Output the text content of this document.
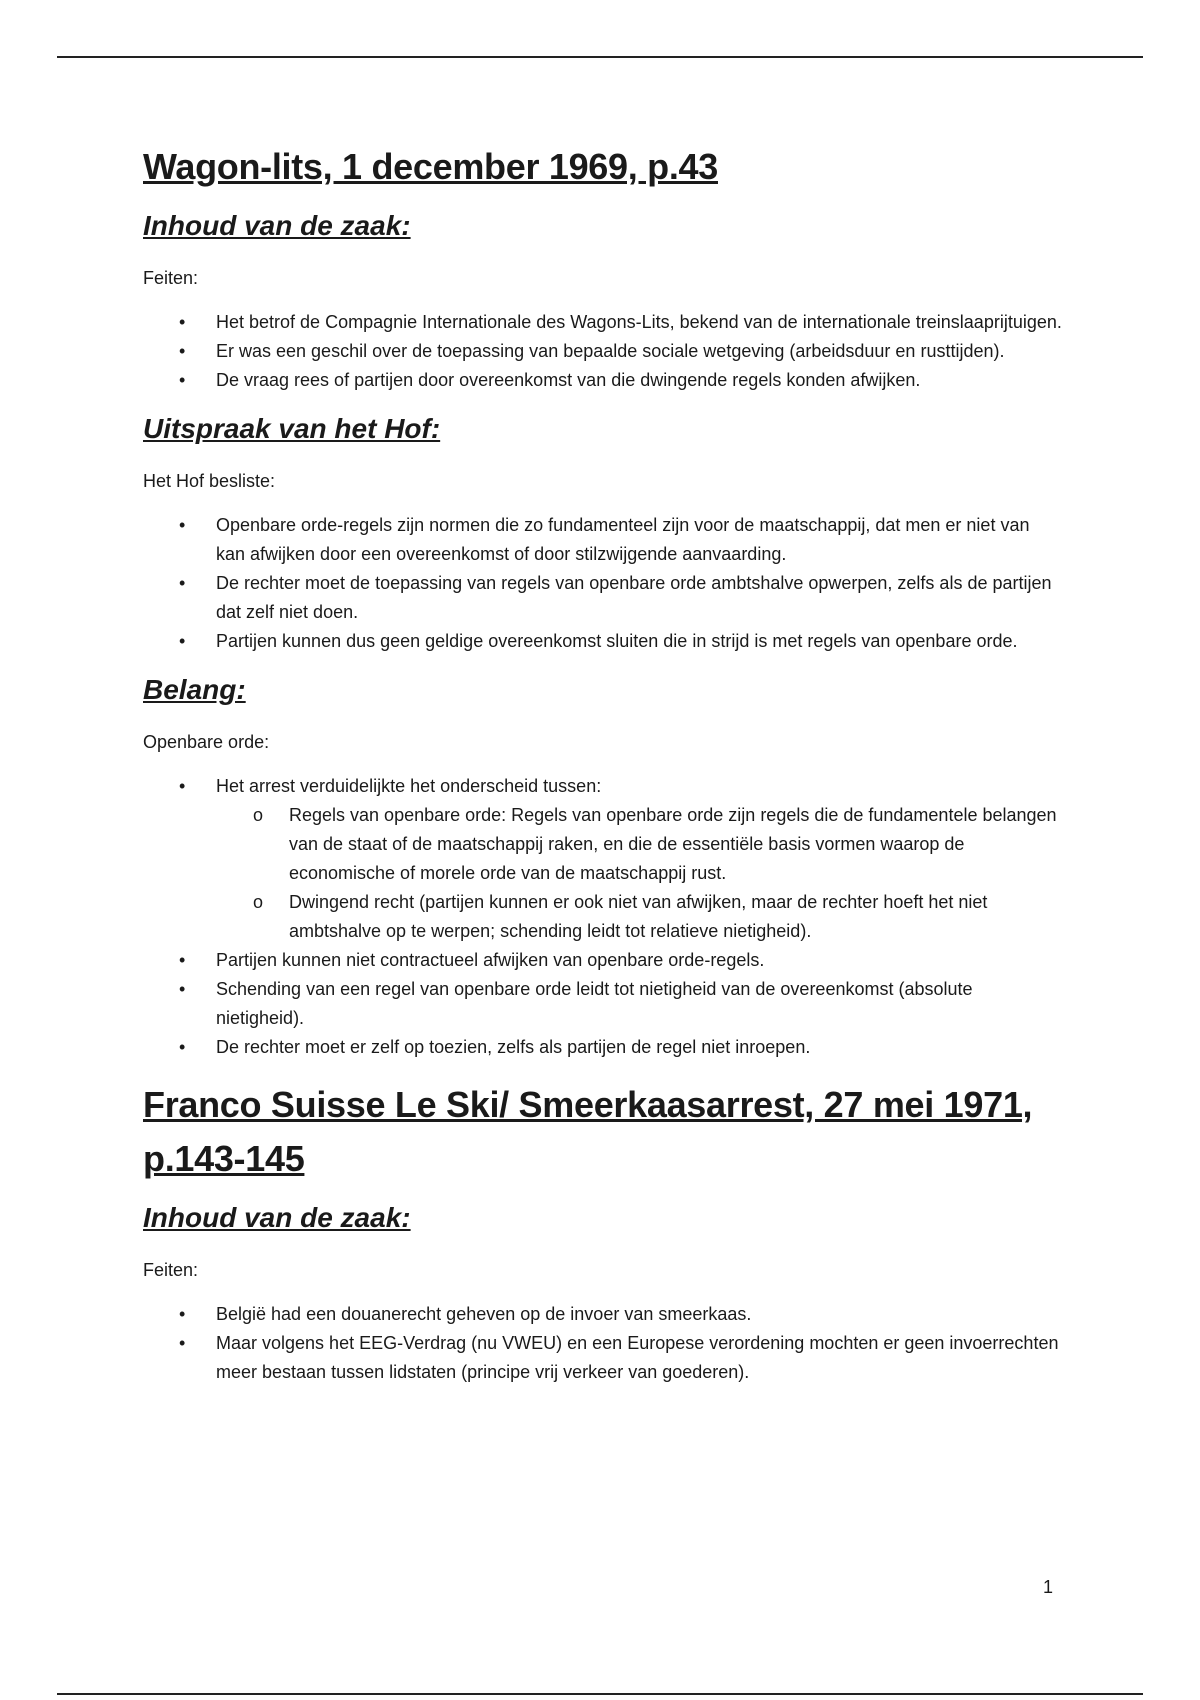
Wagon-lits, 1 december 1969, p.43
Inhoud van de zaak:

Feiten:

• Het betrof de Compagnie Internationale des Wagons-Lits, bekend van de internationale treinslaaprijtuigen.
• Er was een geschil over de toepassing van bepaalde sociale wetgeving (arbeidsduur en rusttijden).
• De vraag rees of partijen door overeenkomst van die dwingende regels konden afwijken.
Uitspraak van het Hof:

Het Hof besliste:

• Openbare orde-regels zijn normen die zo fundamenteel zijn voor de maatschappij, dat men er niet van kan afwijken door een overeenkomst of door stilzwijgende aanvaarding.
• De rechter moet de toepassing van regels van openbare orde ambtshalve opwerpen, zelfs als de partijen dat zelf niet doen.
• Partijen kunnen dus geen geldige overeenkomst sluiten die in strijd is met regels van openbare orde.
Belang:

Openbare orde:

• Het arrest verduidelijkte het onderscheid tussen:
o Regels van openbare orde: Regels van openbare orde zijn regels die de fundamentele belangen van de staat of de maatschappij raken, en die de essentiële basis vormen waarop de economische of morele orde van de maatschappij rust.
o Dwingend recht (partijen kunnen er ook niet van afwijken, maar de rechter hoeft het niet ambtshalve op te werpen; schending leidt tot relatieve nietigheid).
• Partijen kunnen niet contractueel afwijken van openbare orde-regels.
• Schending van een regel van openbare orde leidt tot nietigheid van de overeenkomst (absolute nietigheid).
• De rechter moet er zelf op toezien, zelfs als partijen de regel niet inroepen.
Franco Suisse Le Ski/ Smeerkaasarrest, 27 mei 1971, p.143-145
Inhoud van de zaak:

Feiten:

• België had een douanerecht geheven op de invoer van smeerkaas.
• Maar volgens het EEG-Verdrag (nu VWEU) en een Europese verordening mochten er geen invoerrechten meer bestaan tussen lidstaten (principe vrij verkeer van goederen).
1
